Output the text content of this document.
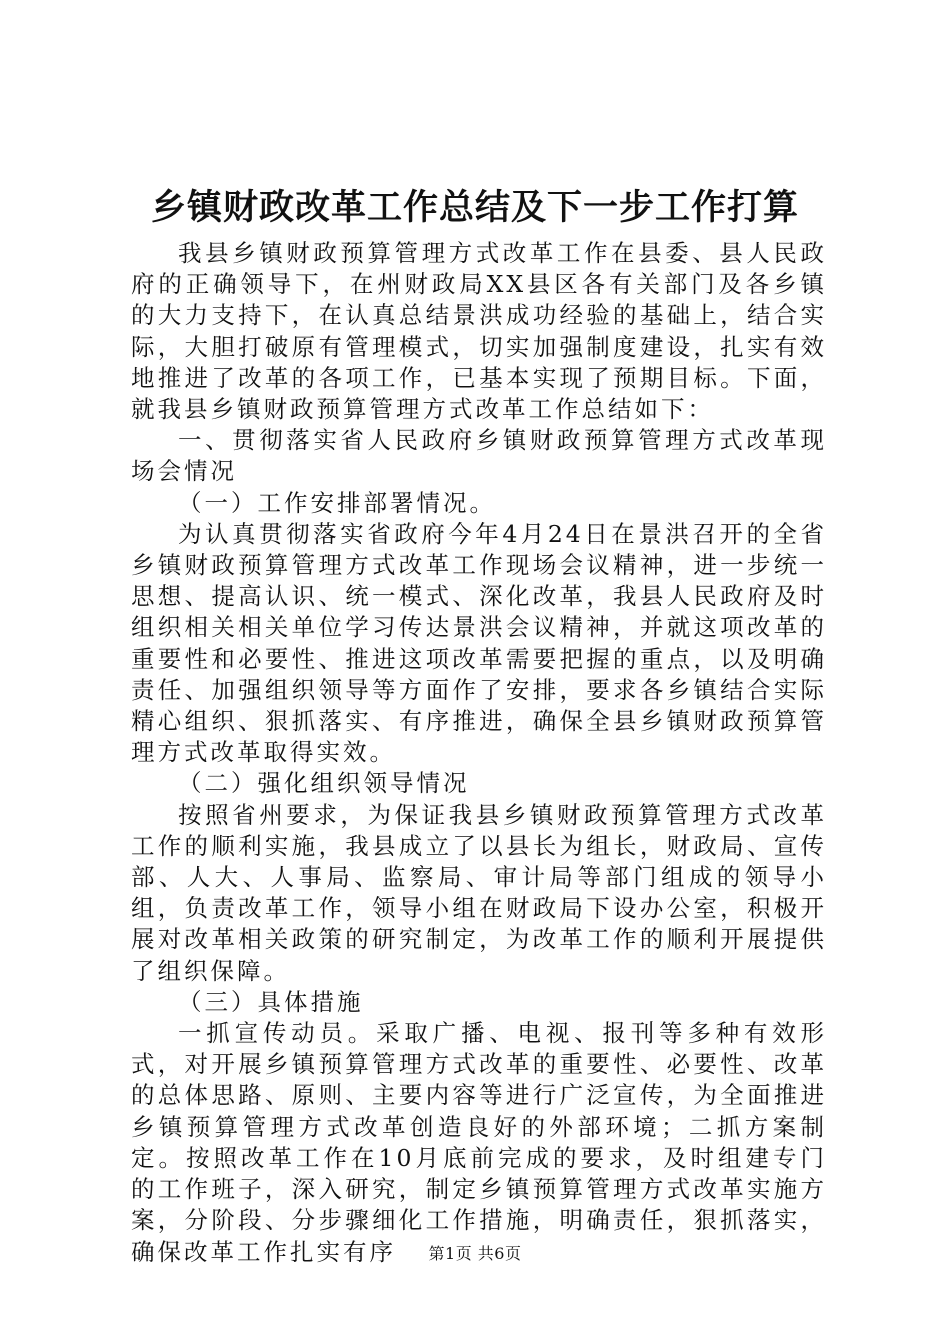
乡镇财政改革工作总结及下一步工作打算

我县乡镇财政预算管理方式改革工作在县委、县人民政府的正确领导下，在州财政局XX县区各有关部门及各乡镇的大力支持下，在认真总结景洪成功经验的基础上，结合实际，大胆打破原有管理模式，切实加强制度建设，扎实有效地推进了改革的各项工作，已基本实现了预期目标。下面，就我县乡镇财政预算管理方式改革工作总结如下：

一、贯彻落实省人民政府乡镇财政预算管理方式改革现场会情况

（一）工作安排部署情况。

为认真贯彻落实省政府今年4月24日在景洪召开的全省乡镇财政预算管理方式改革工作现场会议精神，进一步统一思想、提高认识、统一模式、深化改革，我县人民政府及时组织相关相关单位学习传达景洪会议精神，并就这项改革的重要性和必要性、推进这项改革需要把握的重点，以及明确责任、加强组织领导等方面作了安排，要求各乡镇结合实际精心组织、狠抓落实、有序推进，确保全县乡镇财政预算管理方式改革取得实效。

（二）强化组织领导情况

按照省州要求，为保证我县乡镇财政预算管理方式改革工作的顺利实施，我县成立了以县长为组长，财政局、宣传部、人大、人事局、监察局、审计局等部门组成的领导小组，负责改革工作，领导小组在财政局下设办公室，积极开展对改革相关政策的研究制定，为改革工作的顺利开展提供了组织保障。

（三）具体措施

一抓宣传动员。采取广播、电视、报刊等多种有效形式，对开展乡镇预算管理方式改革的重要性、必要性、改革的总体思路、原则、主要内容等进行广泛宣传，为全面推进乡镇预算管理方式改革创造良好的外部环境；二抓方案制定。按照改革工作在10月底前完成的要求，及时组建专门的工作班子，深入研究，制定乡镇预算管理方式改革实施方案，分阶段、分步骤细化工作措施，明确责任，狠抓落实，确保改革工作扎实有序	第1页 共6页
